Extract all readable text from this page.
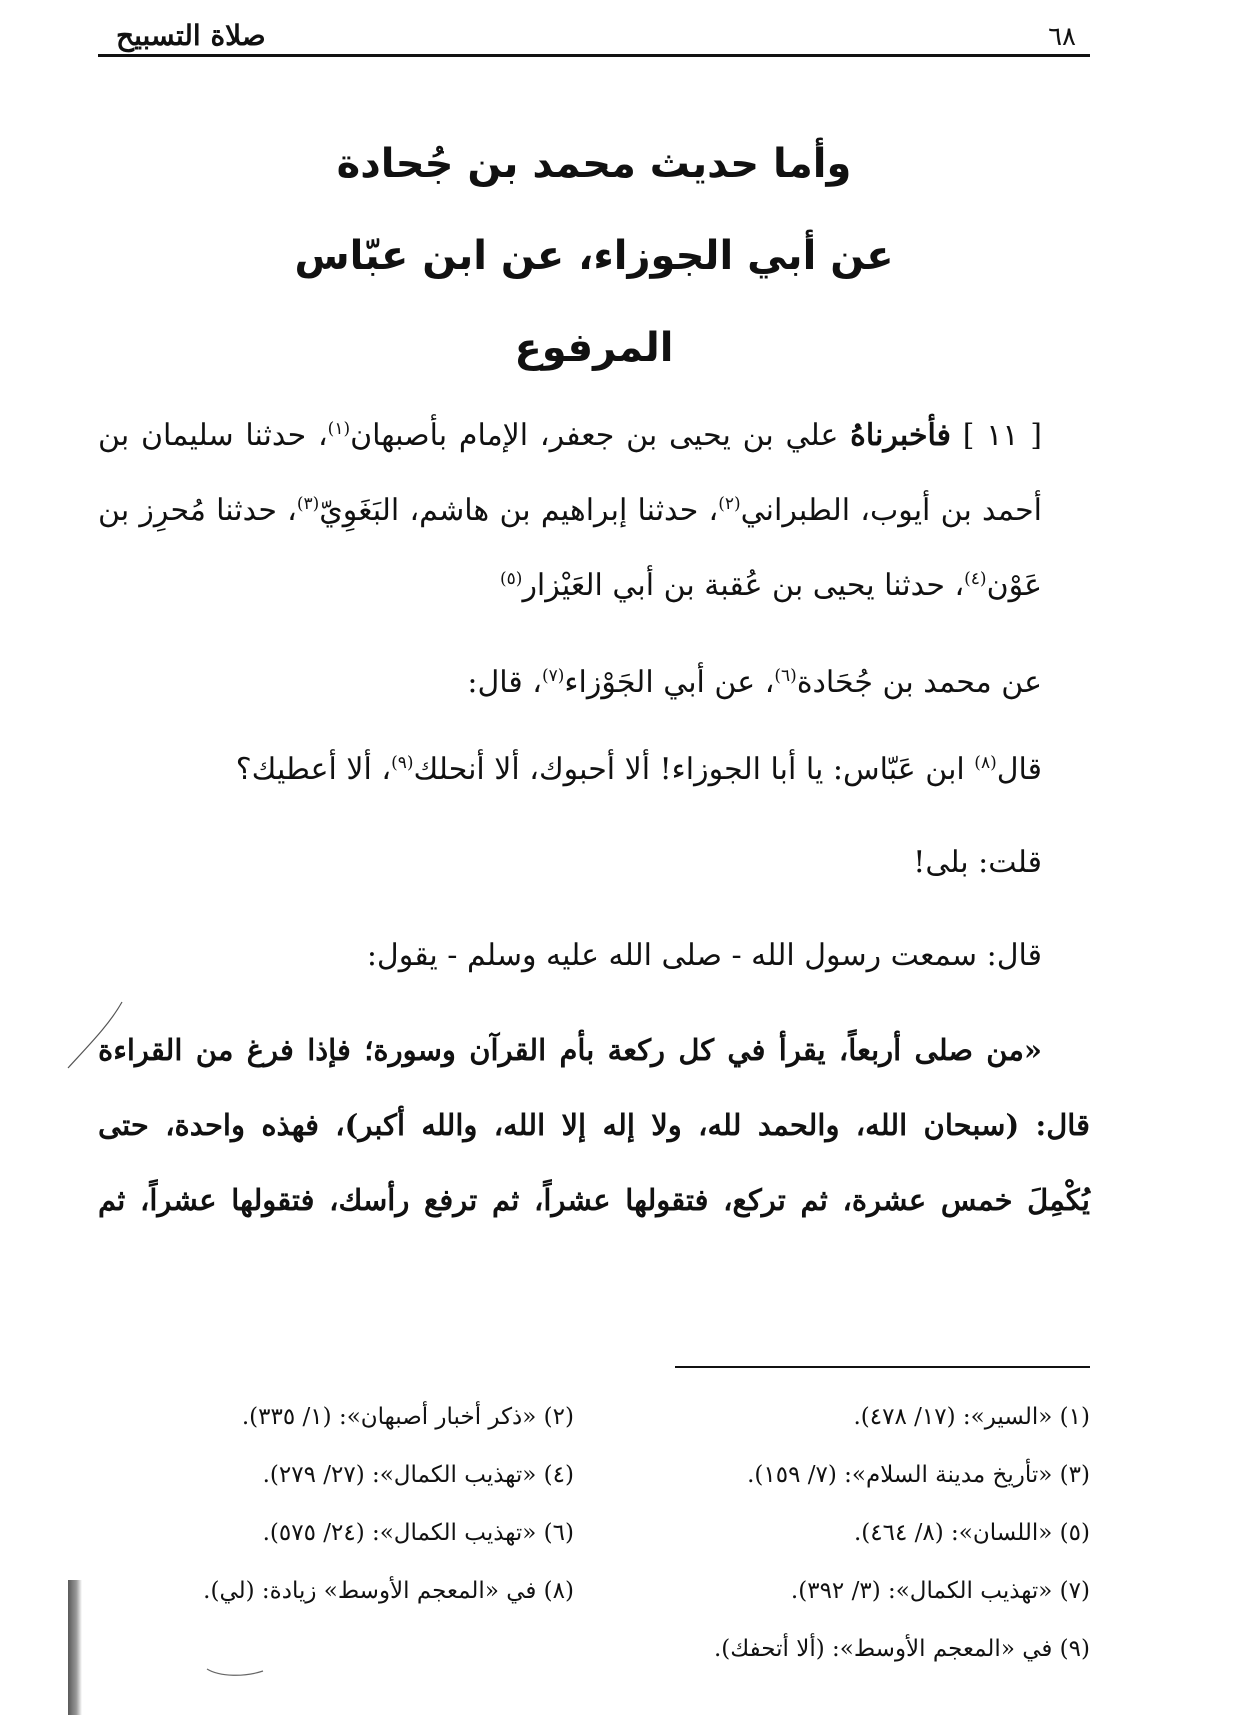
٦٨
صلاة التسبيح
وأما حديث محمد بن جُحادة
عن أبي الجوزاء، عن ابن عبّاس
المرفوع

[ ١١ ] فأخبرناهُ علي بن يحيى بن جعفر، الإمام بأصبهان$^{(١)}$، حدثنا سليمان بن أحمد بن أيوب، الطبراني$^{(٢)}$، حدثنا إبراهيم بن هاشم، البَغَوِيّ$^{(٣)}$، حدثنا مُحرِز بن عَوْن$^{(٤)}$، حدثنا يحيى بن عُقبة بن أبي العَيْزار$^{(٥)}$

عن محمد بن جُحَادة$^{(٦)}$، عن أبي الجَوْزاء$^{(٧)}$، قال:

قال$^{(٨)}$ ابن عَبّاس: يا أبا الجوزاء! ألا أحبوك، ألا أنحلك$^{(٩)}$، ألا أعطيك؟

قلت: بلى!

قال: سمعت رسول الله - صلى الله عليه وسلم - يقول:

«من صلى أربعاً، يقرأ في كل ركعة بأم القرآن وسورة؛ فإذا فرغ من القراءة
قال: (سبحان الله، والحمد لله، ولا إله إلا الله، والله أكبر)، فهذه واحدة، حتى
يُكْمِلَ خمس عشرة، ثم تركع، فتقولها عشراً، ثم ترفع رأسك، فتقولها عشراً، ثم
(١) «السير»: (١٧/ ٤٧٨).
(٢) «ذكر أخبار أصبهان»: (١/ ٣٣٥).
(٣) «تأريخ مدينة السلام»: (٧/ ١٥٩).
(٤) «تهذيب الكمال»: (٢٧/ ٢٧٩).
(٥) «اللسان»: (٨/ ٤٦٤).
(٦) «تهذيب الكمال»: (٢٤/ ٥٧٥).
(٧) «تهذيب الكمال»: (٣/ ٣٩٢).
(٨) في «المعجم الأوسط» زيادة: (لي).
(٩) في «المعجم الأوسط»: (ألا أتحفك).
